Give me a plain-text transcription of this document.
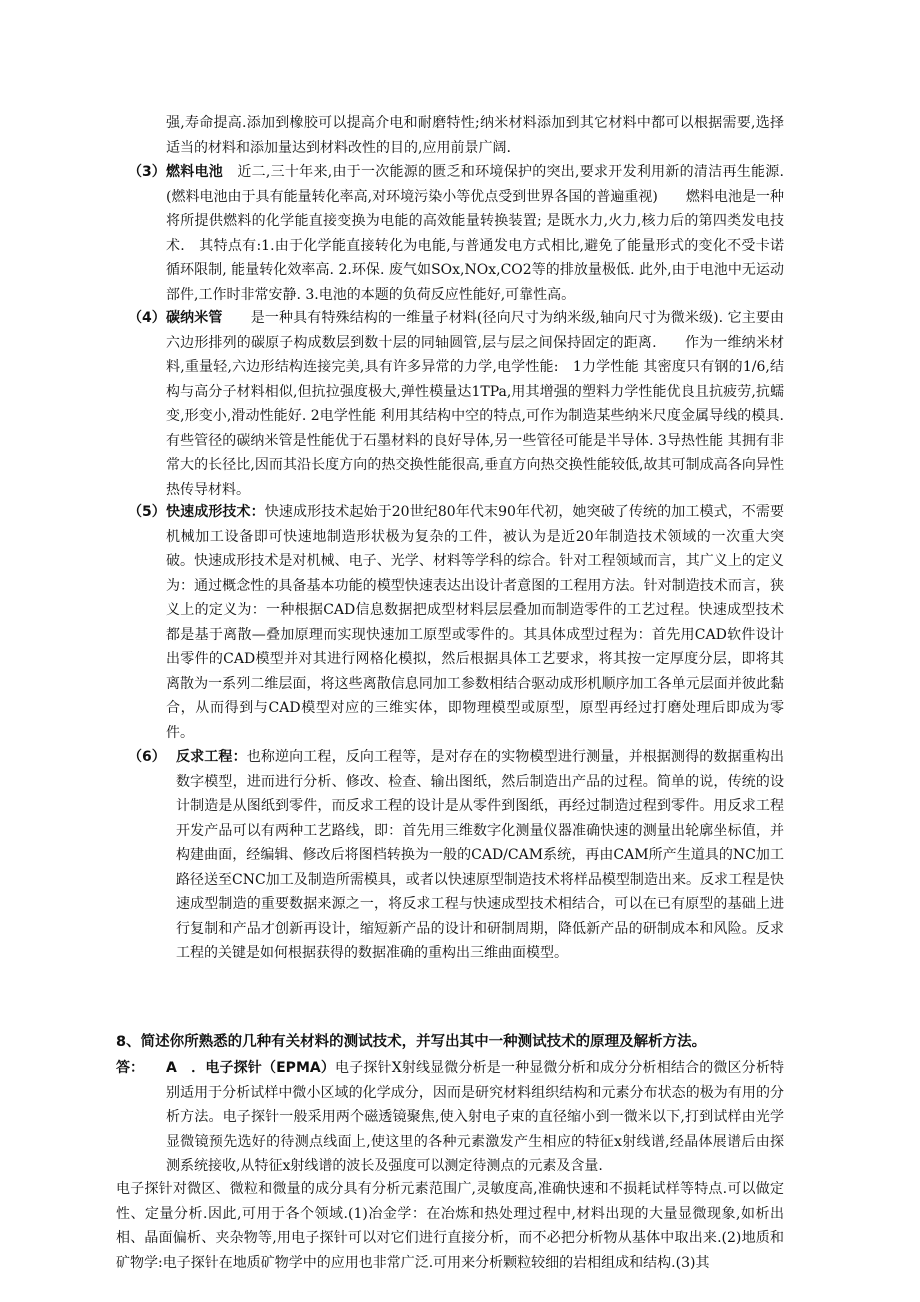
强,寿命提高.添加到橡胶可以提高介电和耐磨特性;纳米材料添加到其它材料中都可以根据需要,选择适当的材料和添加量达到材料改性的目的,应用前景广阔.

（3） 燃料电池　 近二,三十年来,由于一次能源的匮乏和环境保护的突出,要求开发利用新的清洁再生能源.(燃料电池由于具有能量转化率高,对环境污染小等优点受到世界各国的普遍重视)　　燃料电池是一种将所提供燃料的化学能直接变换为电能的高效能量转换装置; 是既水力,火力,核力后的第四类发电技术.　其特点有:1.由于化学能直接转化为电能,与普通发电方式相比,避免了能量形式的变化不受卡诺循环限制, 能量转化效率高. 2.环保. 废气如SOx,NOx,CO2等的排放量极低. 此外,由于电池中无运动部件,工作时非常安静. 3.电池的本题的负荷反应性能好,可靠性高。

（4） 碳纳米管　　是一种具有特殊结构的一维量子材料(径向尺寸为纳米级,轴向尺寸为微米级). 它主要由六边形排列的碳原子构成数层到数十层的同轴圆管,层与层之间保持固定的距离.　　作为一维纳米材料,重量轻,六边形结构连接完美,具有许多异常的力学,电学性能:　1力学性能 其密度只有钢的1/6,结构与高分子材料相似,但抗拉强度极大,弹性模量达1TPa,用其增强的塑料力学性能优良且抗疲劳,抗蠕变,形变小,滑动性能好. 2电学性能 利用其结构中空的特点,可作为制造某些纳米尺度金属导线的模具.有些管径的碳纳米管是性能优于石墨材料的良好导体,另一些管径可能是半导体. 3导热性能 其拥有非常大的长径比,因而其沿长度方向的热交换性能很高,垂直方向热交换性能较低,故其可制成高各向异性热传导材料。

（5） 快速成形技术：快速成形技术起始于20世纪80年代末90年代初，她突破了传统的加工模式，不需要机械加工设备即可快速地制造形状极为复杂的工件，被认为是近20年制造技术领域的一次重大突破。快速成形技术是对机械、电子、光学、材料等学科的综合。针对工程领域而言，其广义上的定义为：通过概念性的具备基本功能的模型快速表达出设计者意图的工程用方法。针对制造技术而言，狭义上的定义为：一种根据CAD信息数据把成型材料层层叠加而制造零件的工艺过程。快速成型技术都是基于离散—叠加原理而实现快速加工原型或零件的。其具体成型过程为：首先用CAD软件设计出零件的CAD模型并对其进行网格化模拟，然后根据具体工艺要求，将其按一定厚度分层，即将其离散为一系列二维层面，将这些离散信息同加工参数相结合驱动成形机顺序加工各单元层面并彼此黏合，从而得到与CAD模型对应的三维实体，即物理模型或原型，原型再经过打磨处理后即成为零件。

（6） 反求工程：也称逆向工程，反向工程等，是对存在的实物模型进行测量，并根据测得的数据重构出数字模型，进而进行分析、修改、检查、输出图纸，然后制造出产品的过程。简单的说，传统的设计制造是从图纸到零件，而反求工程的设计是从零件到图纸，再经过制造过程到零件。用反求工程开发产品可以有两种工艺路线，即：首先用三维数字化测量仪器准确快速的测量出轮廓坐标值，并构建曲面，经编辑、修改后将图档转换为一般的CAD/CAM系统，再由CAM所产生道具的NC加工路径送至CNC加工及制造所需模具，或者以快速原型制造技术将样品模型制造出来。反求工程是快速成型制造的重要数据来源之一，将反求工程与快速成型技术相结合，可以在已有原型的基础上进行复制和产品才创新再设计，缩短新产品的设计和研制周期，降低新产品的研制成本和风险。反求工程的关键是如何根据获得的数据准确的重构出三维曲面模型。

8、简述你所熟悉的几种有关材料的测试技术，并写出其中一种测试技术的原理及解析方法。
答： A　．电子探针（EPMA）电子探针X射线显微分析是一种显微分析和成分分析相结合的微区分析特别适用于分析试样中微小区域的化学成分，因而是研究材料组织结构和元素分布状态的极为有用的分析方法。电子探针一般采用两个磁透镜聚焦,使入射电子束的直径缩小到一微米以下,打到试样由光学显微镜预先选好的待测点线面上,使这里的各种元素激发产生相应的特征x射线谱,经晶体展谱后由探测系统接收,从特征x射线谱的波长及强度可以测定待测点的元素及含量.

电子探针对微区、微粒和微量的成分具有分析元素范围广,灵敏度高,准确快速和不损耗试样等特点.可以做定性、定量分析.因此,可用于各个领域.(1)冶金学：在冶炼和热处理过程中,材料出现的大量显微现象,如析出相、晶面偏析、夹杂物等,用电子探针可以对它们进行直接分析，而不必把分析物从基体中取出来.(2)地质和矿物学:电子探针在地质矿物学中的应用也非常广泛.可用来分析颗粒较细的岩相组成和结构.(3)其
